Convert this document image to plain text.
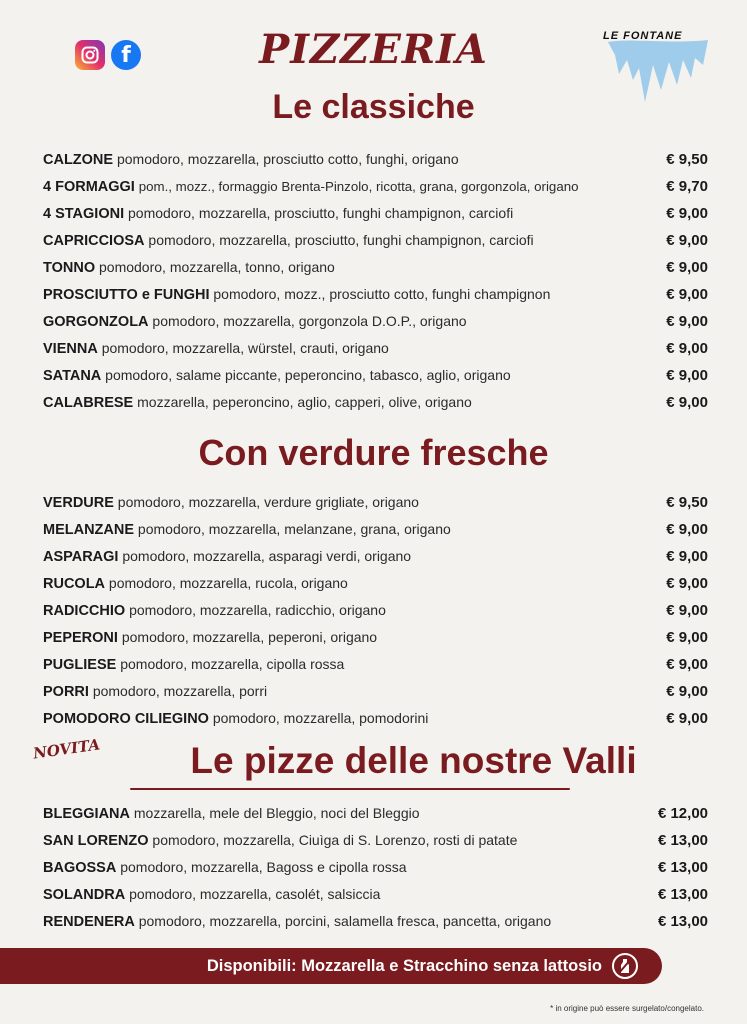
f	PIZZERIA	LE FONTANE
Le classiche
CALZONE pomodoro, mozzarella, prosciutto cotto, funghi, origano	€ 9,50
4 FORMAGGI pom., mozz., formaggio Brenta-Pinzolo, ricotta, grana, gorgonzola, origano	€ 9,70
4 STAGIONI pomodoro, mozzarella, prosciutto, funghi champignon, carciofi	€ 9,00
CAPRICCIOSA pomodoro, mozzarella, prosciutto, funghi champignon, carciofi	€ 9,00
TONNO pomodoro, mozzarella, tonno, origano	€ 9,00
PROSCIUTTO e FUNGHI pomodoro, mozz., prosciutto cotto, funghi champignon	€ 9,00
GORGONZOLA pomodoro, mozzarella, gorgonzola D.O.P., origano	€ 9,00
VIENNA pomodoro, mozzarella, würstel, crauti, origano	€ 9,00
SATANA pomodoro, salame piccante, peperoncino, tabasco, aglio, origano	€ 9,00
CALABRESE mozzarella, peperoncino, aglio, capperi, olive, origano	€ 9,00
Con verdure fresche
VERDURE pomodoro, mozzarella, verdure grigliate, origano	€ 9,50
MELANZANE pomodoro, mozzarella, melanzane, grana, origano	€ 9,00
ASPARAGI pomodoro, mozzarella, asparagi verdi, origano	€ 9,00
RUCOLA pomodoro, mozzarella, rucola, origano	€ 9,00
RADICCHIO pomodoro, mozzarella, radicchio, origano	€ 9,00
PEPERONI pomodoro, mozzarella, peperoni, origano	€ 9,00
PUGLIESE pomodoro, mozzarella, cipolla rossa	€ 9,00
PORRI pomodoro, mozzarella, porri	€ 9,00
POMODORO CILIEGINO pomodoro, mozzarella, pomodorini	€ 9,00
NOVITA	Le pizze delle nostre Valli
BLEGGIANA mozzarella, mele del Bleggio, noci del Bleggio	€ 12,00
SAN LORENZO pomodoro, mozzarella, Ciuìga di S. Lorenzo, rosti di patate	€ 13,00
BAGOSSA pomodoro, mozzarella, Bagoss e cipolla rossa	€ 13,00
SOLANDRA pomodoro, mozzarella, casolét, salsiccia	€ 13,00
RENDENERA pomodoro, mozzarella, porcini, salamella fresca, pancetta, origano	€ 13,00
Disponibili: Mozzarella e Stracchino senza lattosio
* in origine può essere surgelato/congelato.
